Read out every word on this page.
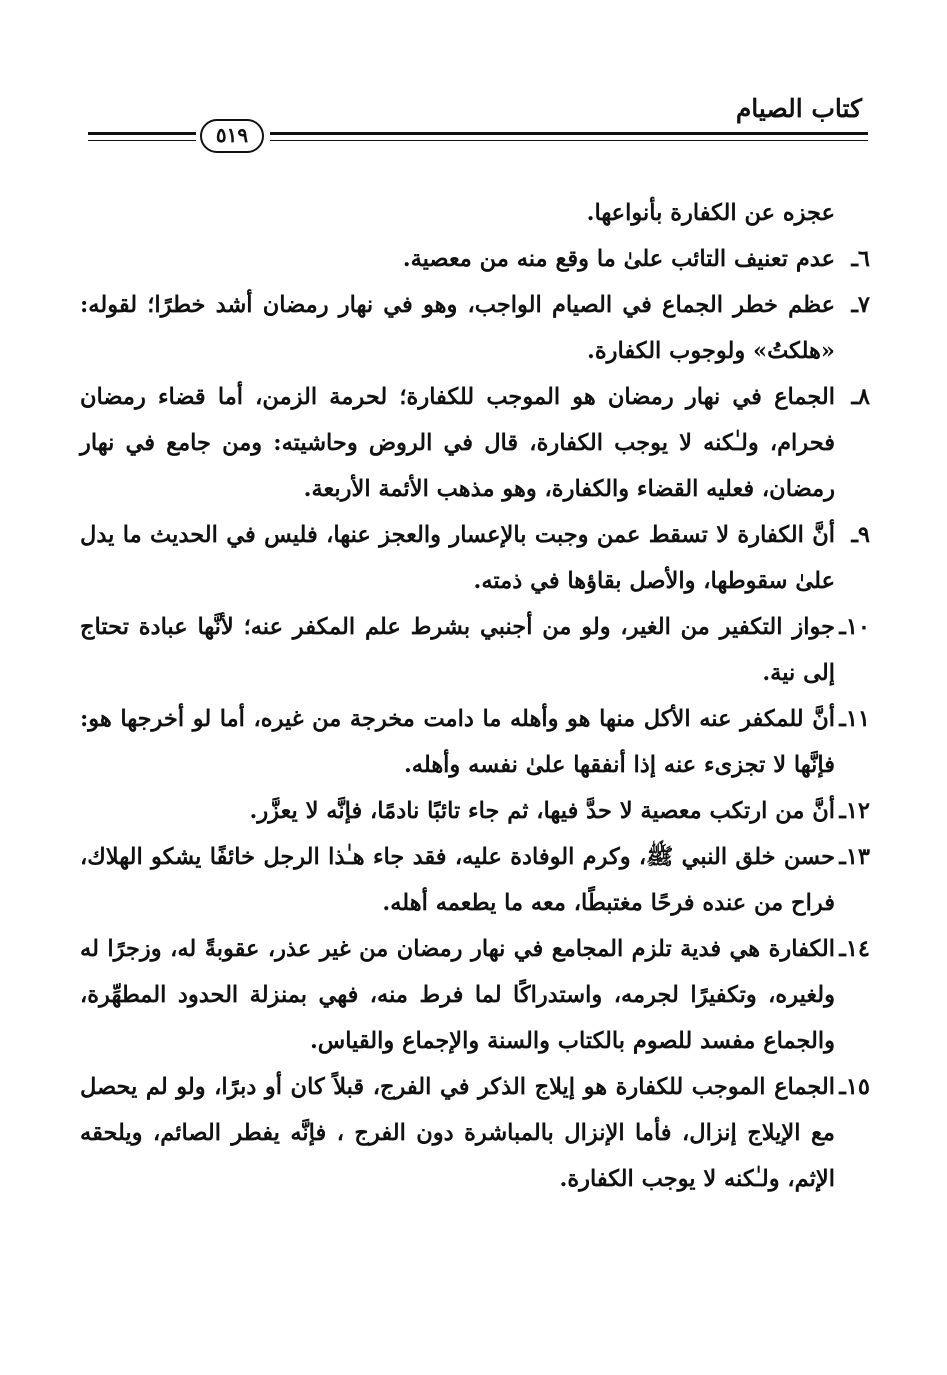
٥١٩
كتاب الصيام

عجزه عن الكفارة بأنواعها.

٦ـ
عدم تعنيف التائب علىٰ ما وقع منه من معصية.
٧ـ
عظم خطر الجماع في الصيام الواجب، وهو في نهار رمضان أشد خطرًا؛ لقوله: «هلكتُ» ولوجوب الكفارة.
٨ـ
الجماع في نهار رمضان هو الموجب للكفارة؛ لحرمة الزمن، أما قضاء رمضان فحرام، ولـٰكنه لا يوجب الكفارة، قال في الروض وحاشيته: ومن جامع في نهار رمضان، فعليه القضاء والكفارة، وهو مذهب الأئمة الأربعة.
٩ـ
أنَّ الكفارة لا تسقط عمن وجبت بالإعسار والعجز عنها، فليس في الحديث ما يدل علىٰ سقوطها، والأصل بقاؤها في ذمته.
١٠ـ
جواز التكفير من الغير، ولو من أجنبي بشرط علم المكفر عنه؛ لأنَّها عبادة تحتاج إلى نية.
١١ـ
أنَّ للمكفر عنه الأكل منها هو وأهله ما دامت مخرجة من غيره، أما لو أخرجها هو: فإنَّها لا تجزىء عنه إذا أنفقها علىٰ نفسه وأهله.
١٢ـ
أنَّ من ارتكب معصية لا حدَّ فيها، ثم جاء تائبًا نادمًا، فإنَّه لا يعزَّر.
١٣ـ
حسن خلق النبي ﷺ، وكرم الوفادة عليه، فقد جاء هـٰذا الرجل خائفًا يشكو الهلاك، فراح من عنده فرحًا مغتبطًا، معه ما يطعمه أهله.
١٤ـ
الكفارة هي فدية تلزم المجامع في نهار رمضان من غير عذر، عقوبةً له، وزجرًا له ولغيره، وتكفيرًا لجرمه، واستدراكًا لما فرط منه، فهي بمنزلة الحدود المطهِّرة، والجماع مفسد للصوم بالكتاب والسنة والإجماع والقياس.
١٥ـ
الجماع الموجب للكفارة هو إيلاج الذكر في الفرج، قبلاً كان أو دبرًا، ولو لم يحصل مع الإيلاج إنزال، فأما الإنزال بالمباشرة دون الفرج ، فإنَّه يفطر الصائم، ويلحقه الإثم، ولـٰكنه لا يوجب الكفارة.
